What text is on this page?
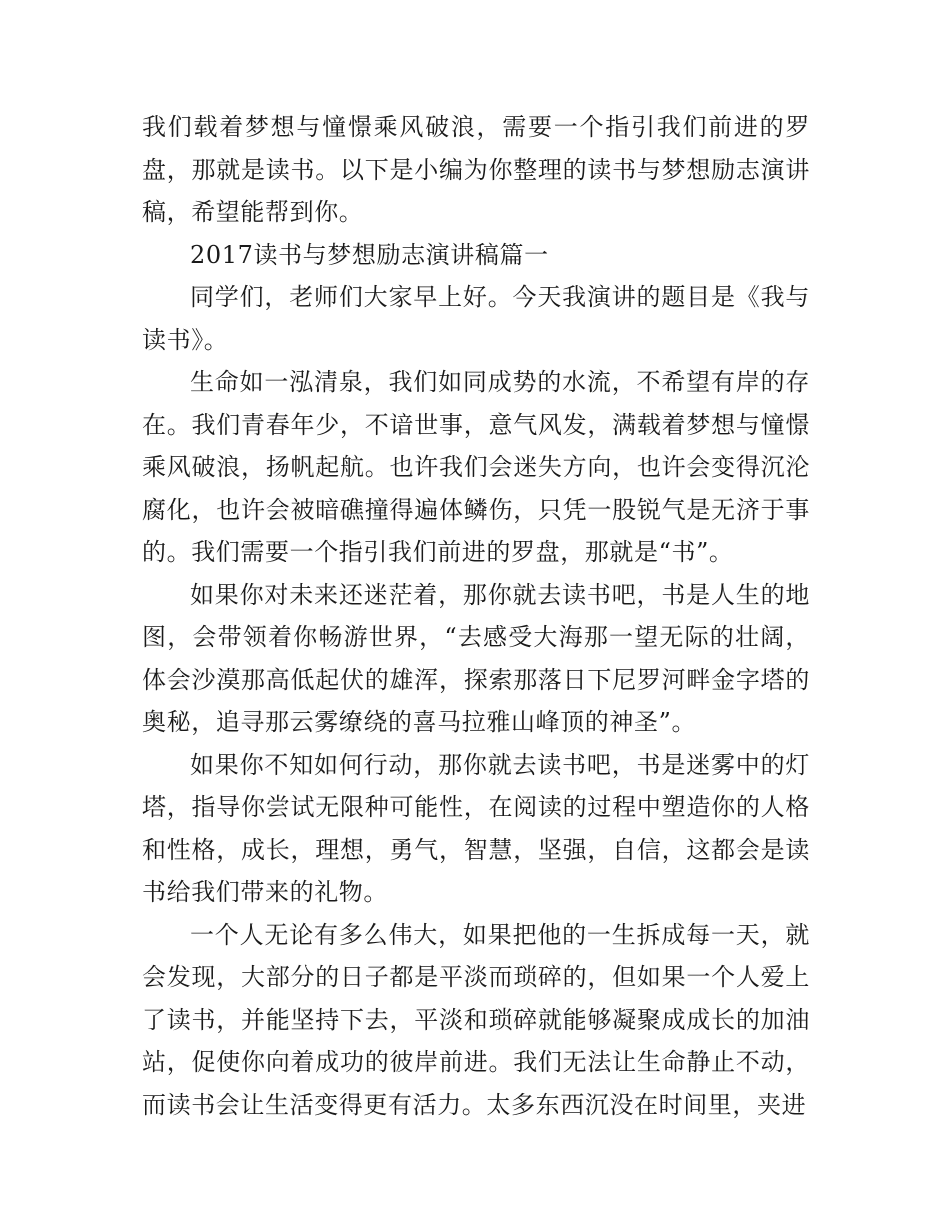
我们载着梦想与憧憬乘风破浪，需要一个指引我们前进的罗盘，那就是读书。以下是小编为你整理的读书与梦想励志演讲稿，希望能帮到你。

2017读书与梦想励志演讲稿篇一

同学们，老师们大家早上好。今天我演讲的题目是《我与读书》。

生命如一泓清泉，我们如同成势的水流，不希望有岸的存在。我们青春年少，不谙世事，意气风发，满载着梦想与憧憬乘风破浪，扬帆起航。也许我们会迷失方向，也许会变得沉沦腐化，也许会被暗礁撞得遍体鳞伤，只凭一股锐气是无济于事的。我们需要一个指引我们前进的罗盘，那就是“书”。

如果你对未来还迷茫着，那你就去读书吧，书是人生的地图，会带领着你畅游世界，“去感受大海那一望无际的壮阔，体会沙漠那高低起伏的雄浑，探索那落日下尼罗河畔金字塔的奥秘，追寻那云雾缭绕的喜马拉雅山峰顶的神圣”。

如果你不知如何行动，那你就去读书吧，书是迷雾中的灯塔，指导你尝试无限种可能性，在阅读的过程中塑造你的人格和性格，成长，理想，勇气，智慧，坚强，自信，这都会是读书给我们带来的礼物。

一个人无论有多么伟大，如果把他的一生拆成每一天，就会发现，大部分的日子都是平淡而琐碎的，但如果一个人爱上了读书，并能坚持下去，平淡和琐碎就能够凝聚成成长的加油站，促使你向着成功的彼岸前进。我们无法让生命静止不动，而读书会让生活变得更有活力。太多东西沉没在时间里，夹进
